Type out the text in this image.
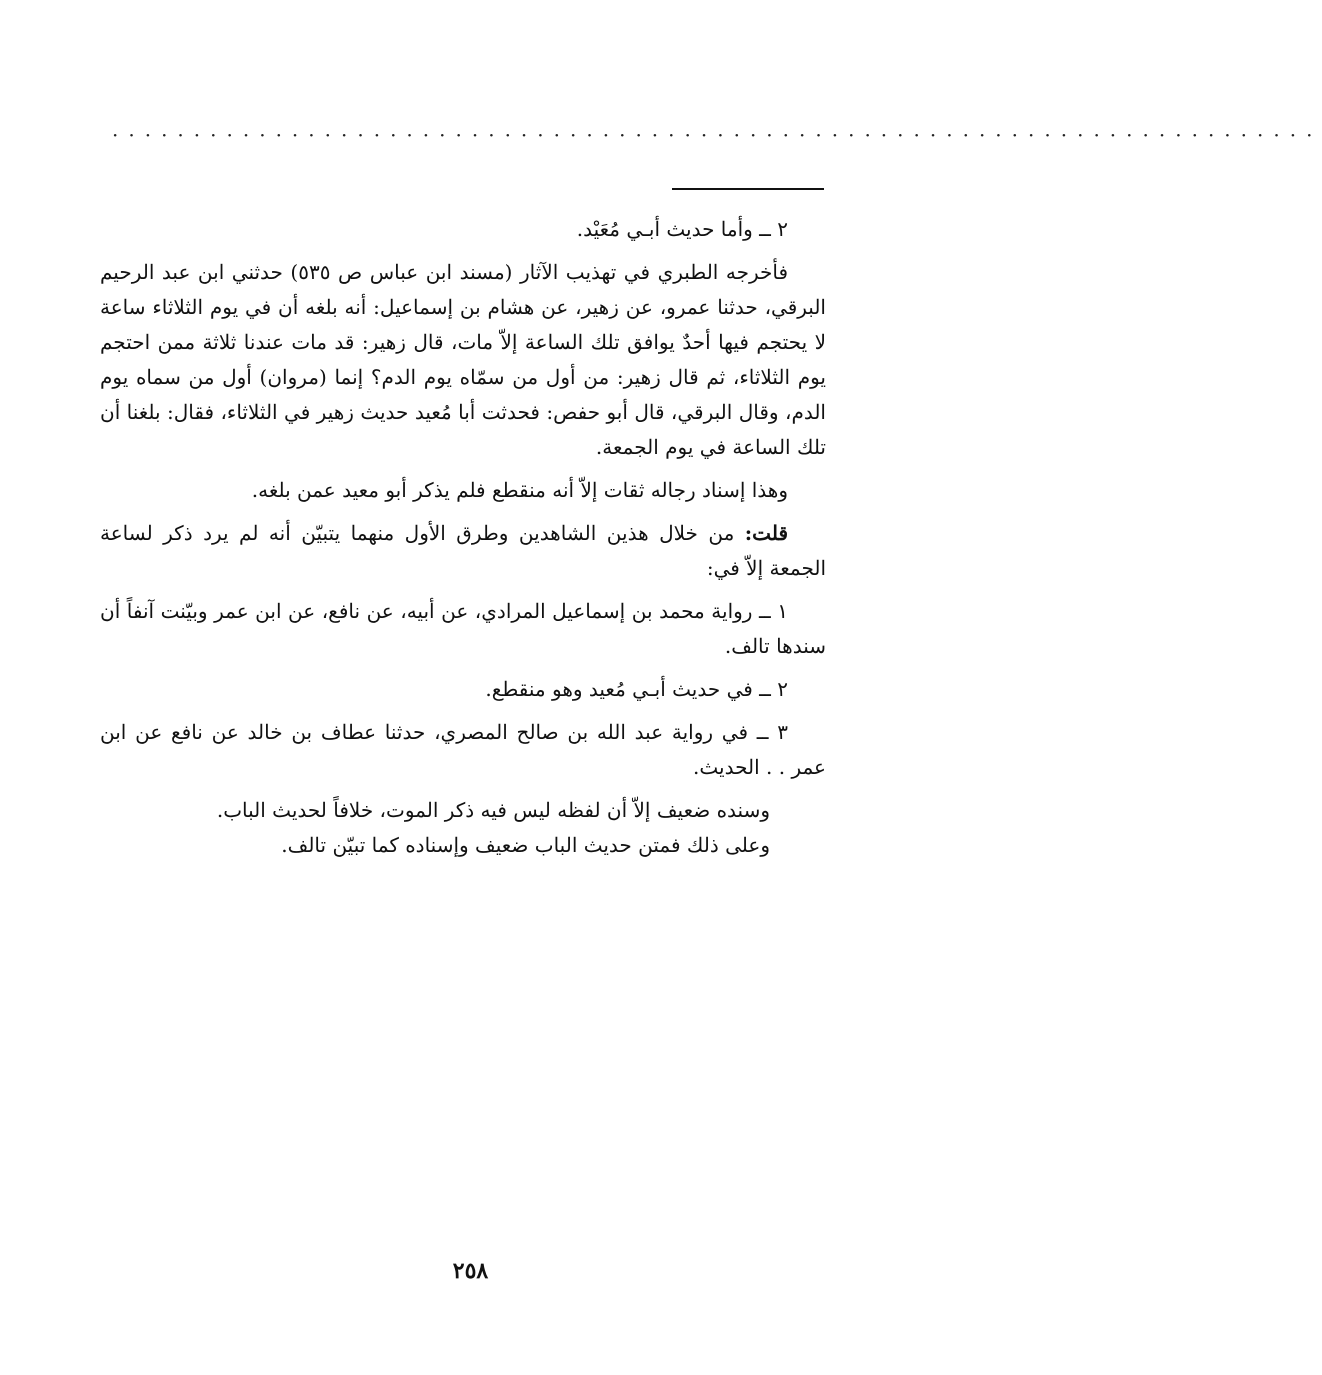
··········································································

٢ ــ وأما حديث أبـي مُعَيْد.

فأخرجه الطبري في تهذيب الآثار (مسند ابن عباس ص ٥٣٥) حدثني ابن عبد الرحيم البرقي، حدثنا عمرو، عن زهير، عن هشام بن إسماعيل: أنه بلغه أن في يوم الثلاثاء ساعة لا يحتجم فيها أحدٌ يوافق تلك الساعة إلاّ مات، قال زهير: قد مات عندنا ثلاثة ممن احتجم يوم الثلاثاء، ثم قال زهير: من أول من سمّاه يوم الدم؟ إنما (مروان) أول من سماه يوم الدم، وقال البرقي، قال أبو حفص: فحدثت أبا مُعيد حديث زهير في الثلاثاء، فقال: بلغنا أن تلك الساعة في يوم الجمعة.

وهذا إسناد رجاله ثقات إلاّ أنه منقطع فلم يذكر أبو معيد عمن بلغه.

قلت: من خلال هذين الشاهدين وطرق الأول منهما يتبيّن أنه لم يرد ذكر لساعة الجمعة إلاّ في:

١ ــ رواية محمد بن إسماعيل المرادي، عن أبيه، عن نافع، عن ابن عمر وبيّنت آنفاً أن سندها تالف.

٢ ــ في حديث أبـي مُعيد وهو منقطع.

٣ ــ في رواية عبد الله بن صالح المصري، حدثنا عطاف بن خالد عن نافع عن ابن عمر . . الحديث.

وسنده ضعيف إلاّ أن لفظه ليس فيه ذكر الموت، خلافاً لحديث الباب.

وعلى ذلك فمتن حديث الباب ضعيف وإسناده كما تبيّن تالف.

٢٥٨
